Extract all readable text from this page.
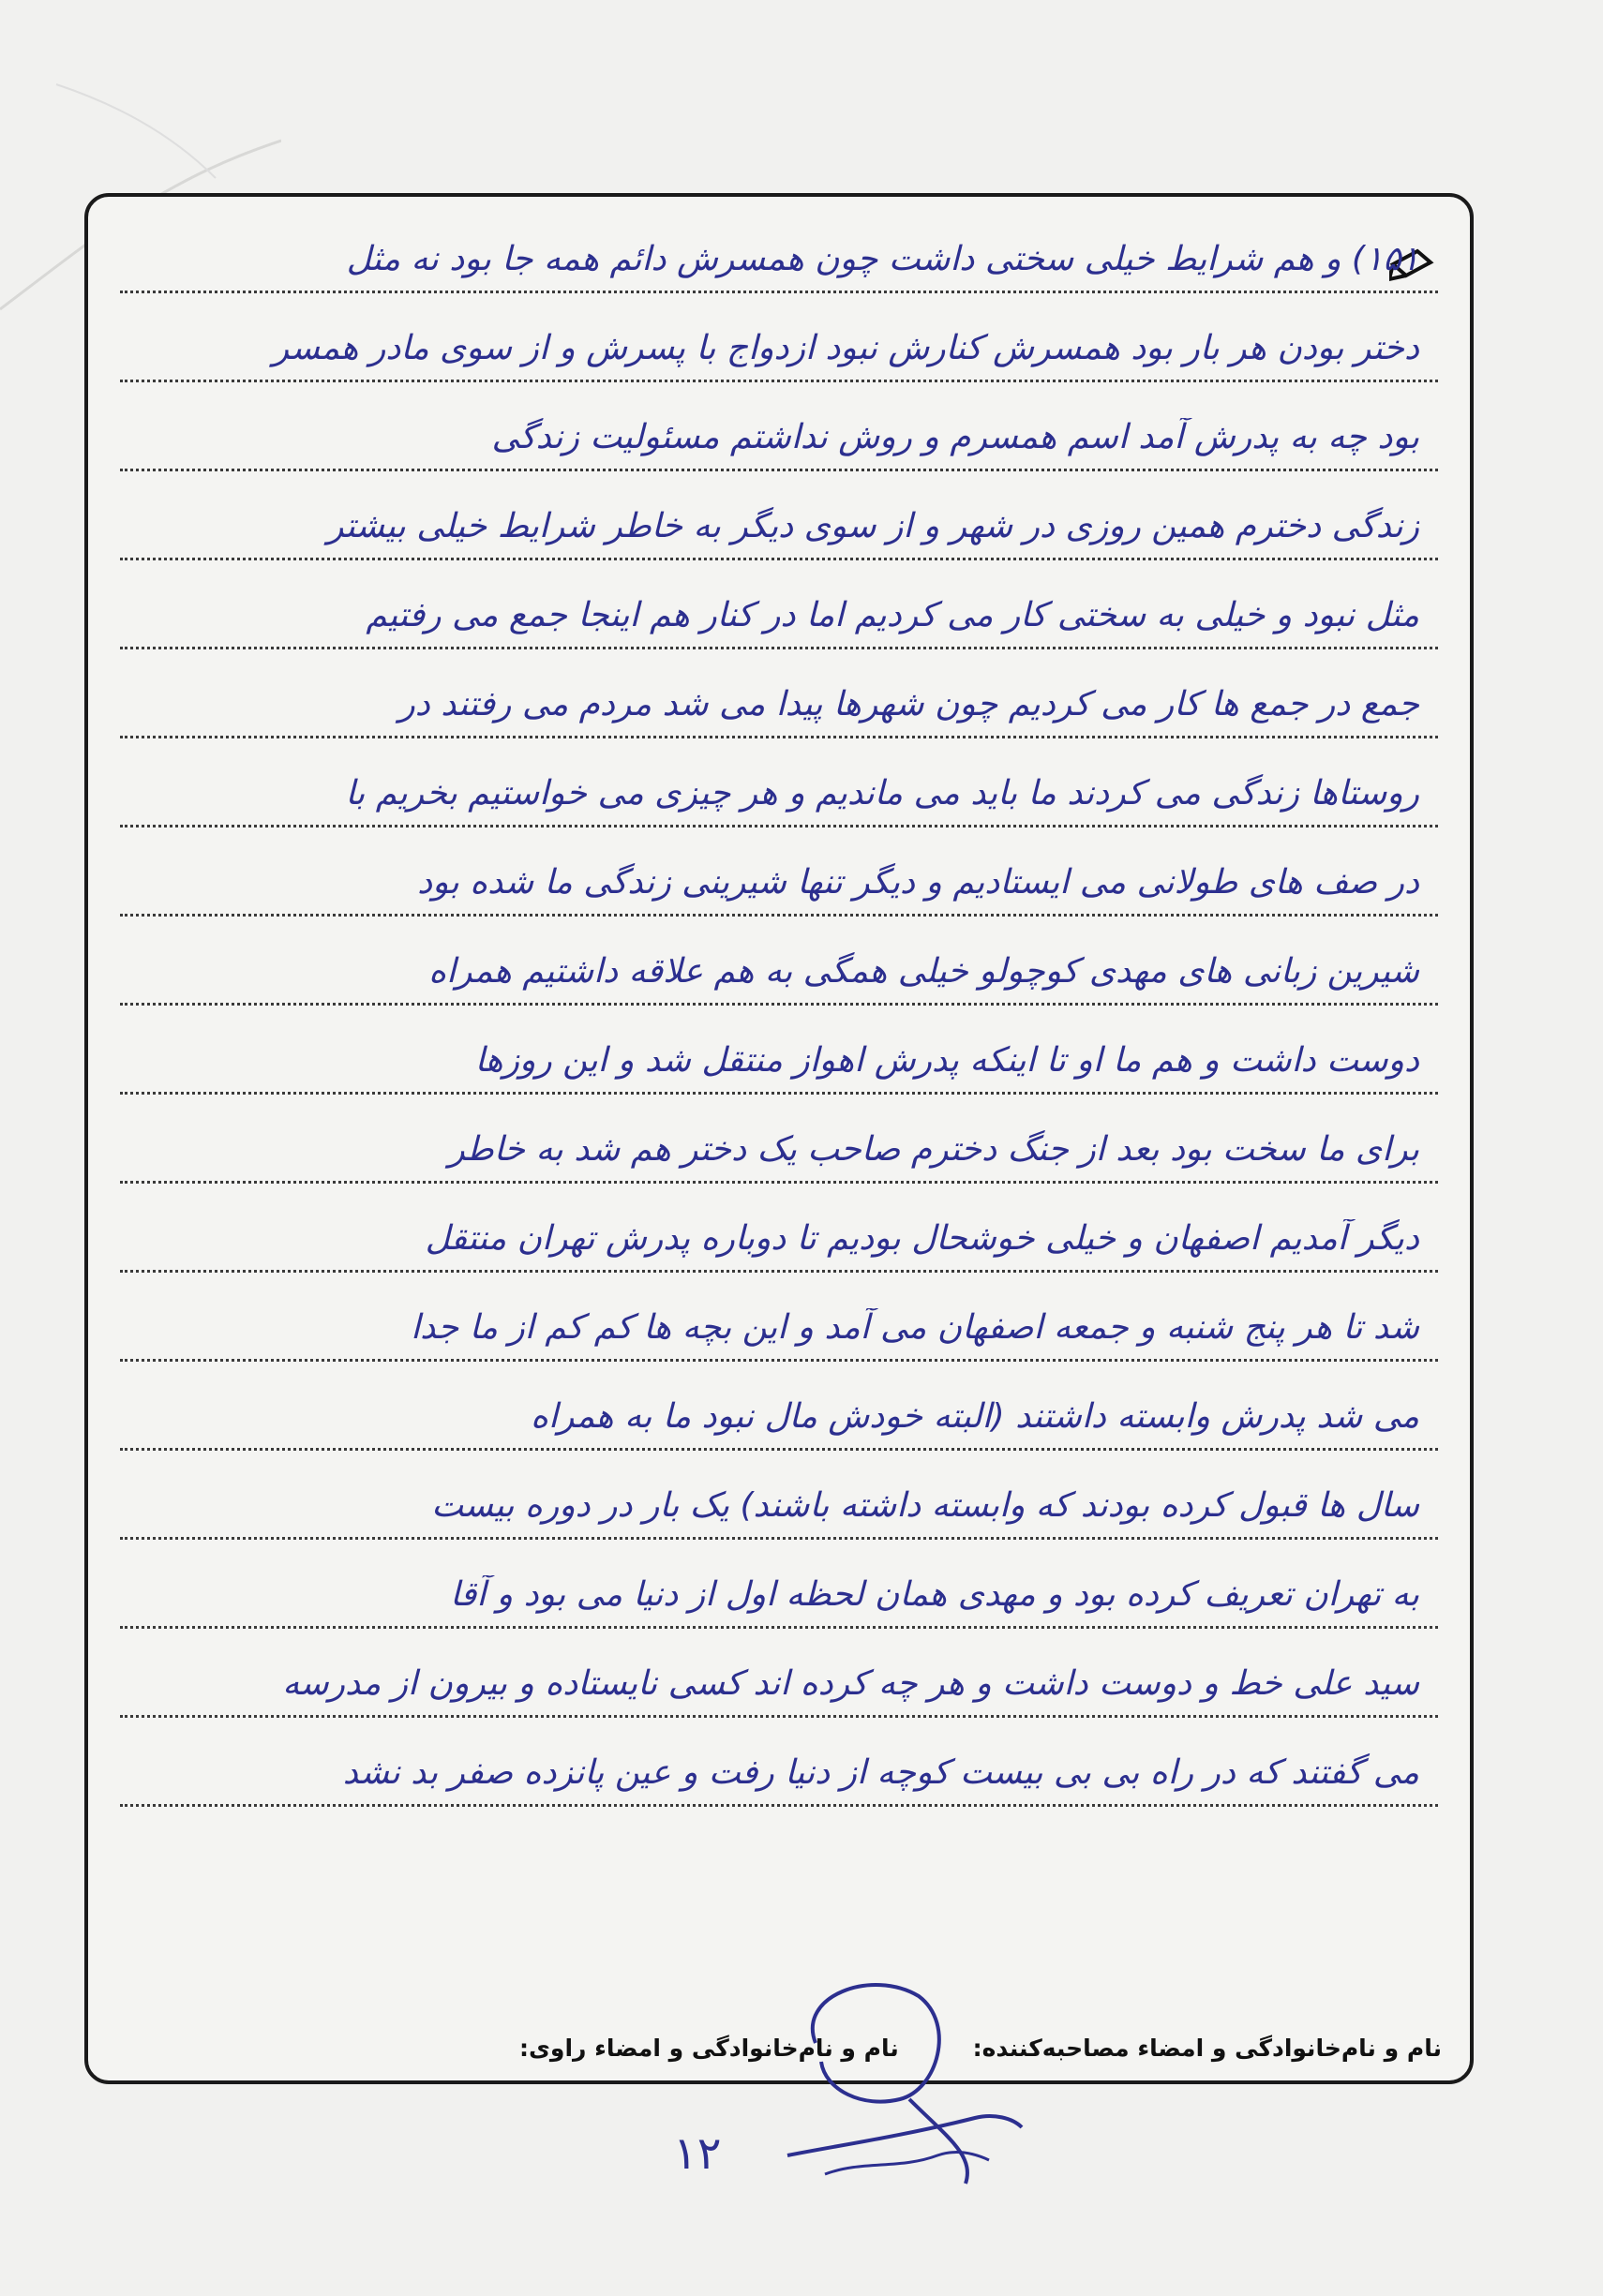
۱۵۱) و هم شرایط خیلی سختی داشت چون همسرش دائم همه جا بود نه مثل
دختر بودن هر بار بود همسرش کنارش نبود ازدواج با پسرش و از سوی مادر همسر
بود چه به پدرش آمد اسم همسرم و روش نداشتم مسئولیت زندگی
زندگی دخترم همین روزی در شهر و از سوی دیگر به خاطر شرایط خیلی بیشتر
مثل نبود و خیلی به سختی کار می کردیم اما در کنار هم اینجا جمع می رفتیم
جمع در جمع ها کار می کردیم چون شهرها پیدا می شد مردم می رفتند در
روستاها زندگی می کردند ما باید می ماندیم و هر چیزی می خواستیم بخریم با
در صف های طولانی می ایستادیم و دیگر تنها شیرینی زندگی ما شده بود
شیرین زبانی های مهدی کوچولو خیلی همگی به هم علاقه داشتیم همراه
دوست داشت و هم ما او تا اینکه پدرش اهواز منتقل شد و این روزها
برای ما سخت بود بعد از جنگ دخترم صاحب یک دختر هم شد به خاطر
دیگر آمدیم اصفهان و خیلی خوشحال بودیم تا دوباره پدرش تهران منتقل
شد تا هر پنج شنبه و جمعه اصفهان می آمد و این بچه ها کم کم از ما جدا
می شد پدرش وابسته داشتند (البته خودش مال نبود ما به همراه
سال ها قبول کرده بودند که وابسته داشته باشند) یک بار در دوره بیست
به تهران تعریف کرده بود و مهدی همان لحظه اول از دنیا می بود و آقا
سید علی خط و دوست داشت و هر چه کرده اند کسی نایستاده و بیرون از مدرسه
می گفتند که در راه بی بی بیست کوچه از دنیا رفت و عین پانزده صفر بد نشد
نام و نام‌خانوادگی و امضاء مصاحبه‌کننده:
نام و نام‌خانوادگی و امضاء راوی:
۱۲
